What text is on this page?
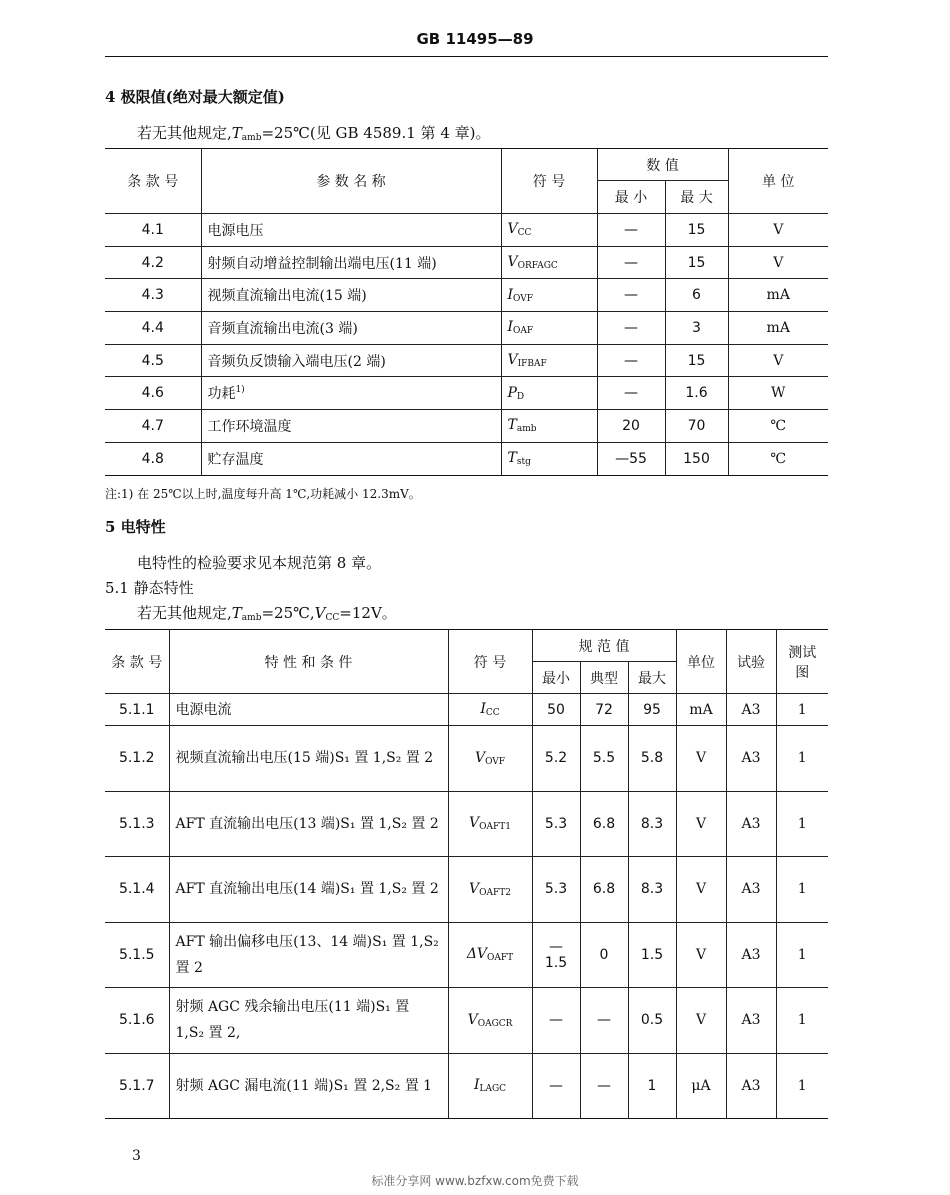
GB 11495—89
4 极限值(绝对最大额定值)
若无其他规定$,T_{amb}=25℃$(见 GB 4589.1 第 4 章)。
条 款 号	参 数 名 称	符 号	数 值		单 位
			最 小	最 大	
4.1	电源电压	$V_{CC}$	—	15	V
4.2	射频自动增益控制输出端电压(11 端)	$V_{ORFAGC}$	—	15	V
4.3	视频直流输出电流(15 端)	$I_{OVF}$	—	6	mA
4.4	音频直流输出电流(3 端)	$I_{OAF}$	—	3	mA
4.5	音频负反馈输入端电压(2 端)	$V_{IFBAF}$	—	15	V
4.6	功耗$^{1)}$	$P_D$	—	1.6	W
4.7	工作环境温度	$T_{amb}$	20	70	℃
4.8	贮存温度	$T_{stg}$	—55	150	℃
注:1) 在 25℃以上时,温度每升高 1℃,功耗减小 12.3mV。
5 电特性
电特性的检验要求见本规范第 8 章。
5.1 静态特性
若无其他规定$,T_{amb}=25℃,V_{CC}=12V$。
条 款 号	特 性 和 条 件	符 号	规 范 值			单位	试验	测试图
			最小	典型	最大			
5.1.1	电源电流	$I_{CC}$	50	72	95	mA	A3	1
5.1.2	视频直流输出电压(15 端)S₁ 置 1,S₂ 置 2	$V_{OVF}$	5.2	5.5	5.8	V	A3	1
5.1.3	AFT 直流输出电压(13 端)S₁ 置 1,S₂ 置 2	$V_{OAFT1}$	5.3	6.8	8.3	V	A3	1
5.1.4	AFT 直流输出电压(14 端)S₁ 置 1,S₂ 置 2	$V_{OAFT2}$	5.3	6.8	8.3	V	A3	1
5.1.5	AFT 输出偏移电压(13、14 端)S₁ 置 1,S₂ 置 2	$\Delta V_{OAFT}$	—1.5	0	1.5	V	A3	1
5.1.6	射频 AGC 残余输出电压(11 端)S₁ 置 1,S₂ 置 2,	$V_{OAGCR}$	—	—	0.5	V	A3	1
5.1.7	射频 AGC 漏电流(11 端)S₁ 置 2,S₂ 置 1	$I_{LAGC}$	—	—	1	μA	A3	1
3
标准分享网 www.bzfxw.com免费下载
